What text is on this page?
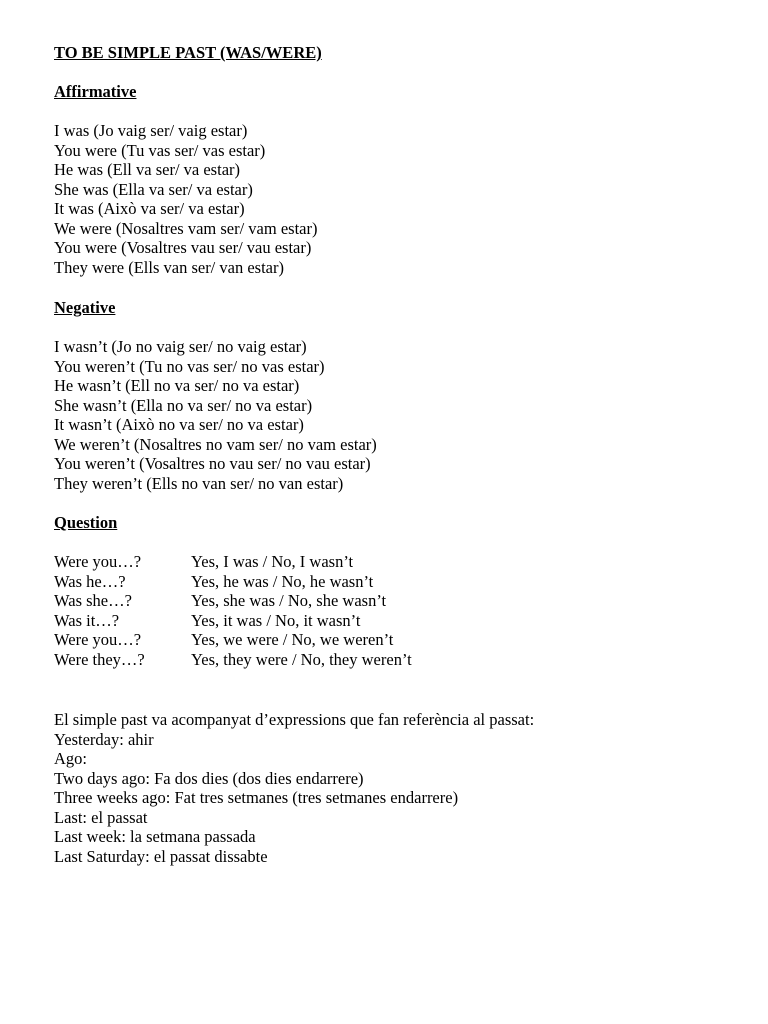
TO BE SIMPLE PAST (WAS/WERE)
Affirmative
I was (Jo vaig ser/ vaig estar)
You were (Tu vas ser/ vas estar)
He was (Ell va ser/ va estar)
She was (Ella va ser/ va estar)
It was (Això va ser/ va estar)
We were (Nosaltres vam ser/ vam estar)
You were (Vosaltres vau ser/ vau estar)
They were (Ells van ser/ van estar)
Negative
I wasn’t (Jo no vaig ser/ no vaig estar)
You weren’t (Tu no vas ser/ no vas estar)
He wasn’t (Ell no va ser/ no va estar)
She wasn’t (Ella no va ser/ no va estar)
It wasn’t (Això no va ser/ no va estar)
We weren’t (Nosaltres no vam ser/ no vam estar)
You weren’t (Vosaltres no vau ser/ no vau estar)
They weren’t (Ells no van ser/ no van estar)
Question
Were you…?	Yes, I was / No, I wasn’t
Was he…?	Yes, he was / No, he wasn’t
Was she…?	Yes, she was / No, she wasn’t
Was it…?	Yes, it was / No, it wasn’t
Were you…?	Yes, we were / No, we weren’t
Were they…?	Yes, they were / No, they weren’t
El simple past va acompanyat d’expressions que fan referència al passat:
Yesterday: ahir
Ago:
Two days ago: Fa dos dies (dos dies endarrere)
Three weeks ago: Fat tres setmanes (tres setmanes endarrere)
Last: el passat
Last week: la setmana passada
Last Saturday: el passat dissabte
